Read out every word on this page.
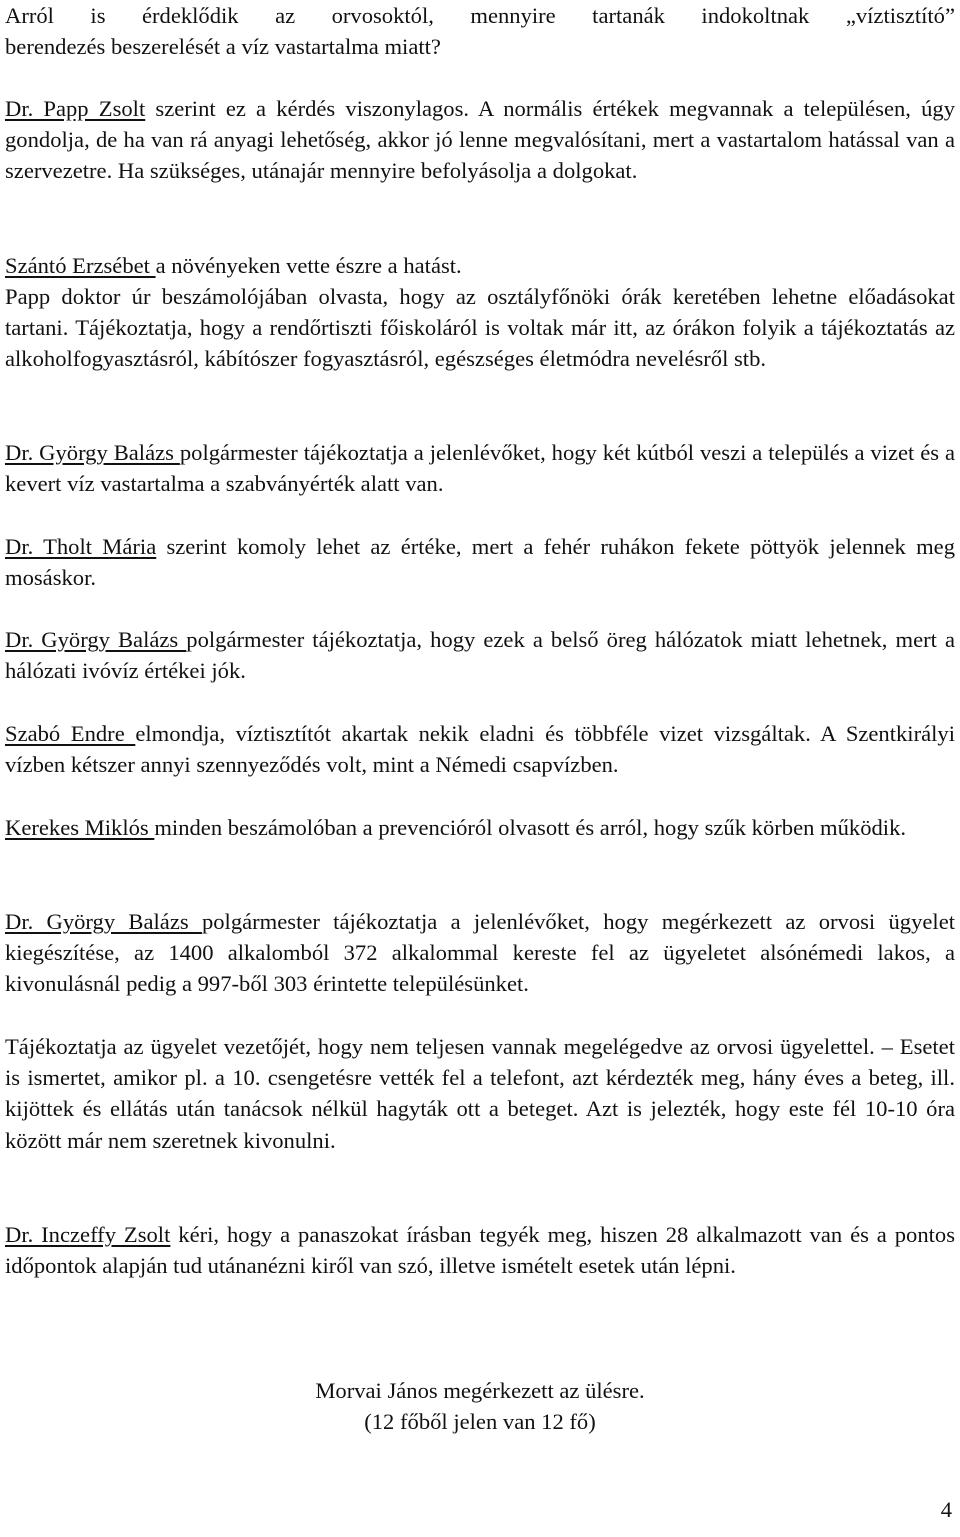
Arról is érdeklődik az orvosoktól, mennyire tartanák indokoltnak „víztisztító”
berendezés beszerelését a víz vastartalma miatt?
Dr. Papp Zsolt szerint ez a kérdés viszonylagos. A normális értékek megvannak a településen, úgy gondolja, de ha van rá anyagi lehetőség, akkor jó lenne megvalósítani, mert a vastartalom hatással van a szervezetre. Ha szükséges, utánajár mennyire befolyásolja a dolgokat.
Szántó Erzsébet a növényeken vette észre a hatást.
Papp doktor úr beszámolójában olvasta, hogy az osztályfőnöki órák keretében lehetne előadásokat tartani. Tájékoztatja, hogy a rendőrtiszti főiskoláról is voltak már itt, az órákon folyik a tájékoztatás az alkoholfogyasztásról, kábítószer fogyasztásról, egészséges életmódra nevelésről stb.
Dr. György Balázs polgármester tájékoztatja a jelenlévőket, hogy két kútból veszi a település a vizet és a kevert víz vastartalma a szabványérték alatt van.
Dr. Tholt Mária szerint komoly lehet az értéke, mert a fehér ruhákon fekete pöttyök jelennek meg mosáskor.
Dr. György Balázs polgármester tájékoztatja, hogy ezek a belső öreg hálózatok miatt lehetnek, mert a hálózati ivóvíz értékei jók.
Szabó Endre elmondja, víztisztítót akartak nekik eladni és többféle vizet vizsgáltak. A Szentkirályi vízben kétszer annyi szennyeződés volt, mint a Némedi csapvízben.
Kerekes Miklós minden beszámolóban a prevencióról olvasott és arról, hogy szűk körben működik.
Dr. György Balázs polgármester tájékoztatja a jelenlévőket, hogy megérkezett az orvosi ügyelet kiegészítése, az 1400 alkalomból 372 alkalommal kereste fel az ügyeletet alsónémedi lakos, a kivonulásnál pedig a 997-ből 303 érintette településünket.
Tájékoztatja az ügyelet vezetőjét, hogy nem teljesen vannak megelégedve az orvosi ügyelettel. – Esetet is ismertet, amikor pl. a 10. csengetésre vették fel a telefont, azt kérdezték meg, hány éves a beteg, ill. kijöttek és ellátás után tanácsok nélkül hagyták ott a beteget. Azt is jelezték, hogy este fél 10-10 óra között már nem szeretnek kivonulni.
Dr. Inczeffy Zsolt kéri, hogy a panaszokat írásban tegyék meg, hiszen 28 alkalmazott van és a pontos időpontok alapján tud utánanézni kiről van szó, illetve ismételt esetek után lépni.
Morvai János megérkezett az ülésre.
(12 főből jelen van 12 fő)
4
